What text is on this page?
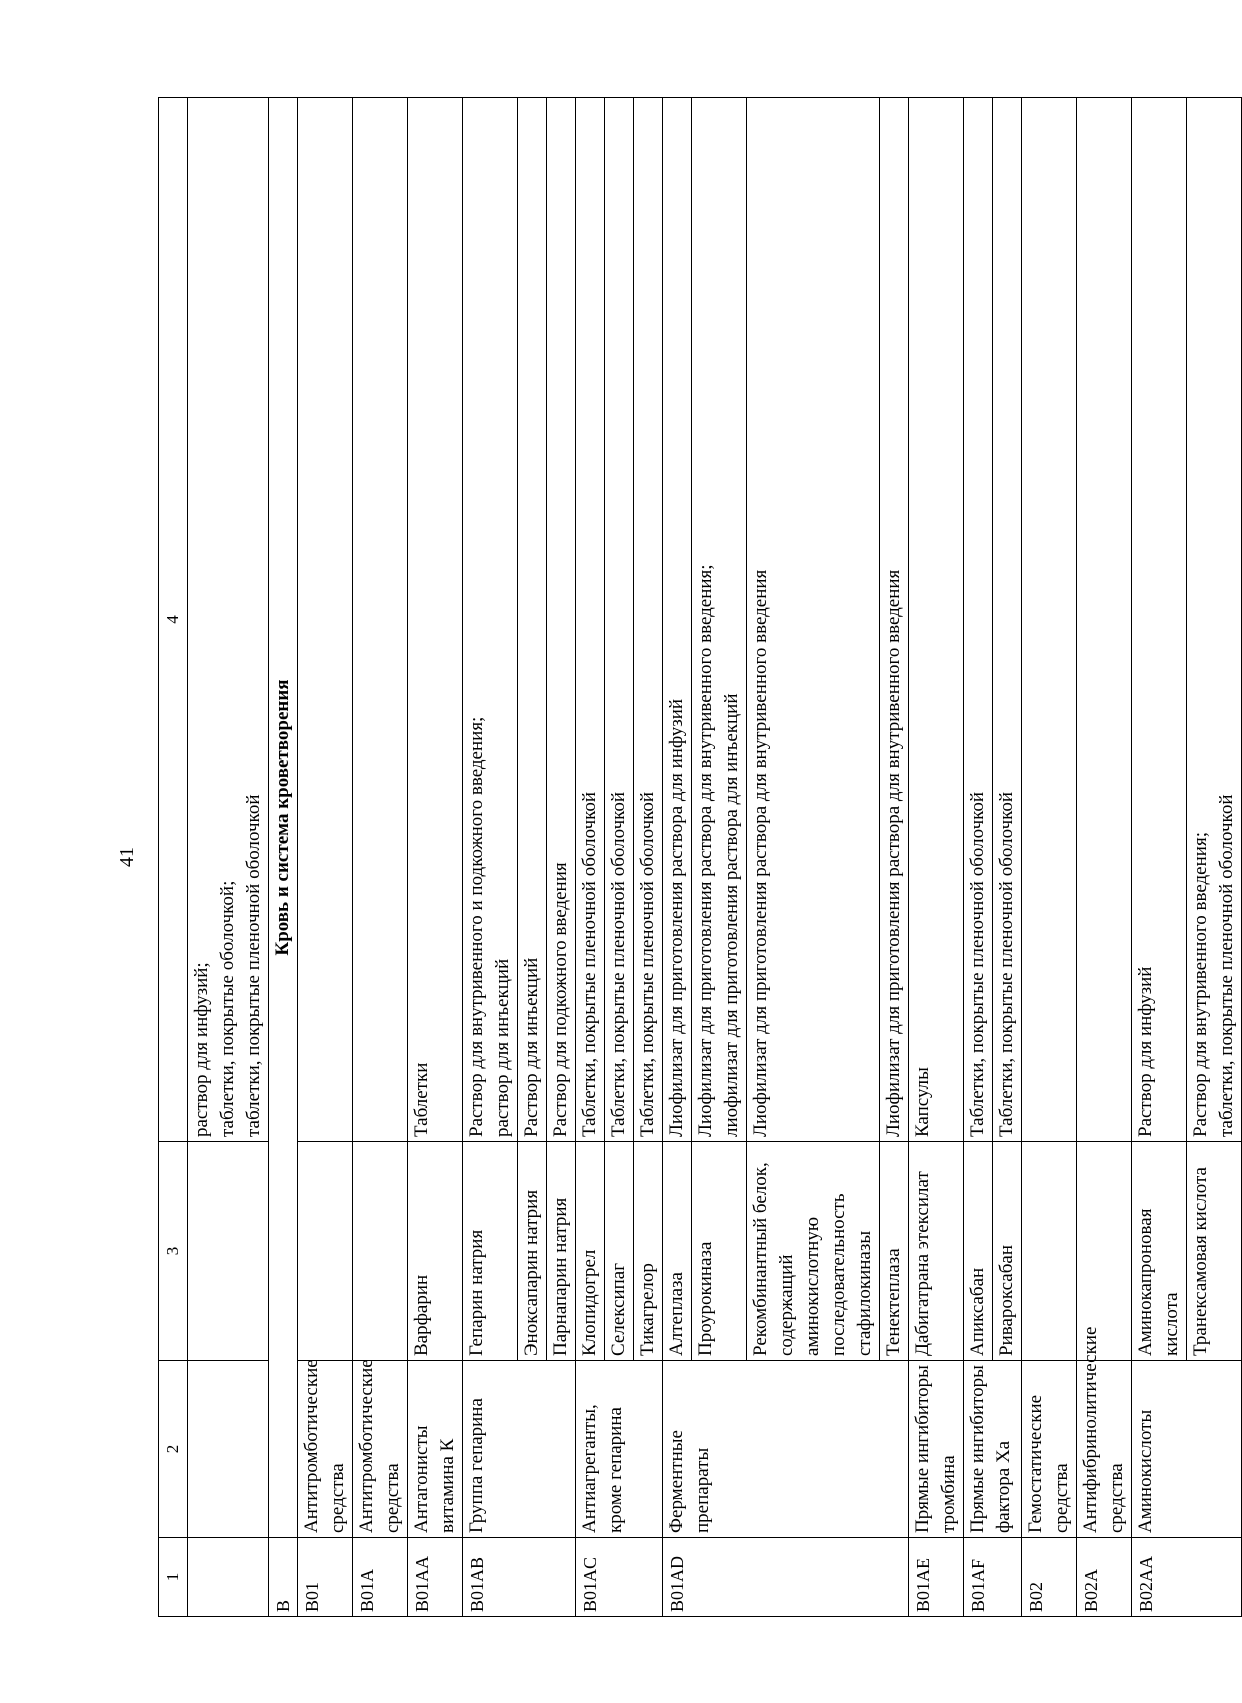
41
1	2	3	4

			раствор для инфузий; таблетки, покрытые оболочкой; таблетки, покрытые пленочной оболочкой

B	Кровь и система кроветворения		
B01	Антитромботические средства		
B01A	Антитромботические средства		
B01AA	Антагонисты витамина К	Варфарин	Таблетки

B01AB	Группа гепарина	Гепарин натрия	Раствор для внутривенного и подкожного введения; раствор для инъекций

		Эноксапарин натрия	Раствор для инъекций

		Парнапарин натрия	Раствор для подкожного введения

B01AC	Антиагреганты, кроме гепарина	Клопидогрел	Таблетки, покрытые пленочной оболочкой

		Селексипаг	Таблетки, покрытые пленочной оболочкой

		Тикагрелор	Таблетки, покрытые пленочной оболочкой

B01AD	Ферментные препараты	Алтеплаза	Лиофилизат для приготовления раствора для инфузий

		Проурокиназа	Лиофилизат для приготовления раствора для внутривенного введения; лиофилизат для приготовления раствора для инъекций

		Рекомбинантный белок, содержащий аминокислотную последовательность стафилокиназы	Лиофилизат для приготовления раствора для внутривенного введения

		Тенектеплаза	Лиофилизат для приготовления раствора для внутривенного введения

B01AE	Прямые ингибиторы тромбина	Дабигатрана этексилат	Капсулы

B01AF	Прямые ингибиторы фактора Xa	Апиксабан	Таблетки, покрытые пленочной оболочкой

		Ривароксабан	Таблетки, покрытые пленочной оболочкой

B02	Гемостатические средства		
B02A	Антифибринолитические средства		
B02AA	Аминокислоты	Аминокапроновая кислота	Раствор для инфузий

		Транексамовая кислота	Раствор для внутривенного введения; таблетки, покрытые пленочной оболочкой
